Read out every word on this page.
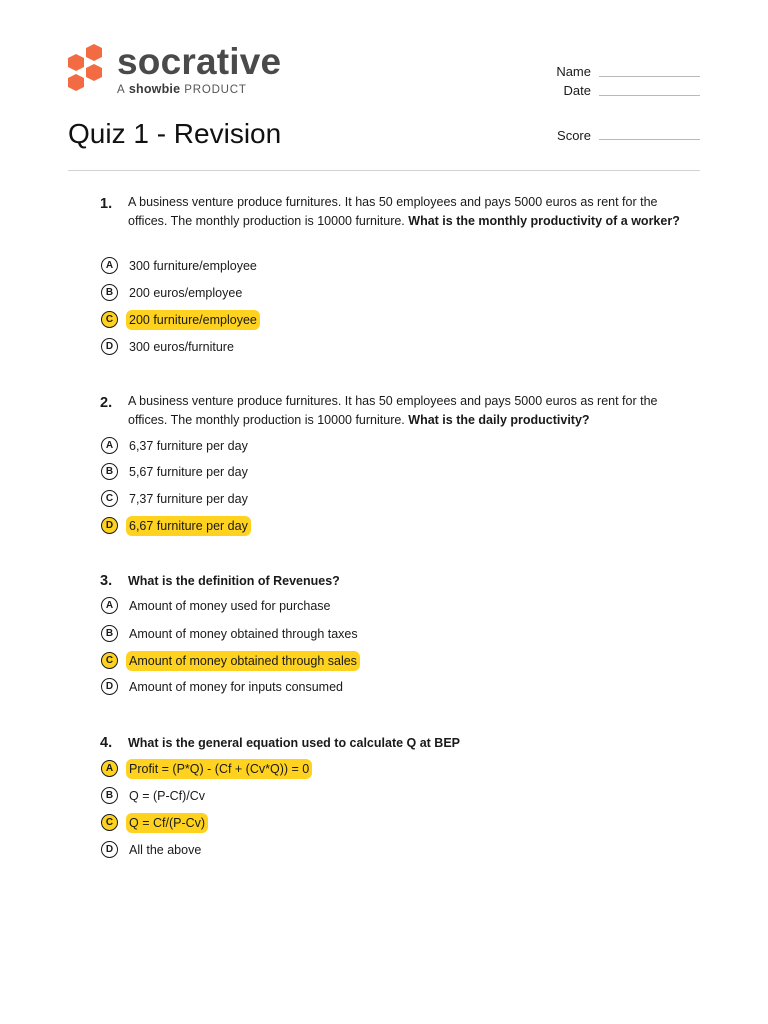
socrative
A showbie PRODUCT
Name
Date
Score
Quiz 1 - Revision
1.	A business venture produce furnitures. It has 50 employees and pays 5000 euros as rent for the offices. The monthly production is 10000 furniture. What is the monthly productivity of a worker?
A	300 furniture/employee
B	200 euros/employee
C	200 furniture/employee
D	300 euros/furniture
2.	A business venture produce furnitures. It has 50 employees and pays 5000 euros as rent for the offices. The monthly production is 10000 furniture. What is the daily productivity?
A	6,37 furniture per day
B	5,67 furniture per day
C	7,37 furniture per day
D	6,67 furniture per day
3.	What is the definition of Revenues?
A	Amount of money used for purchase
B	Amount of money obtained through taxes
C	Amount of money obtained through sales
D	Amount of money for inputs consumed
4.	What is the general equation used to calculate Q at BEP
A	Profit = (P*Q) - (Cf + (Cv*Q)) = 0
B	Q = (P-Cf)/Cv
C	Q = Cf/(P-Cv)
D	All the above
